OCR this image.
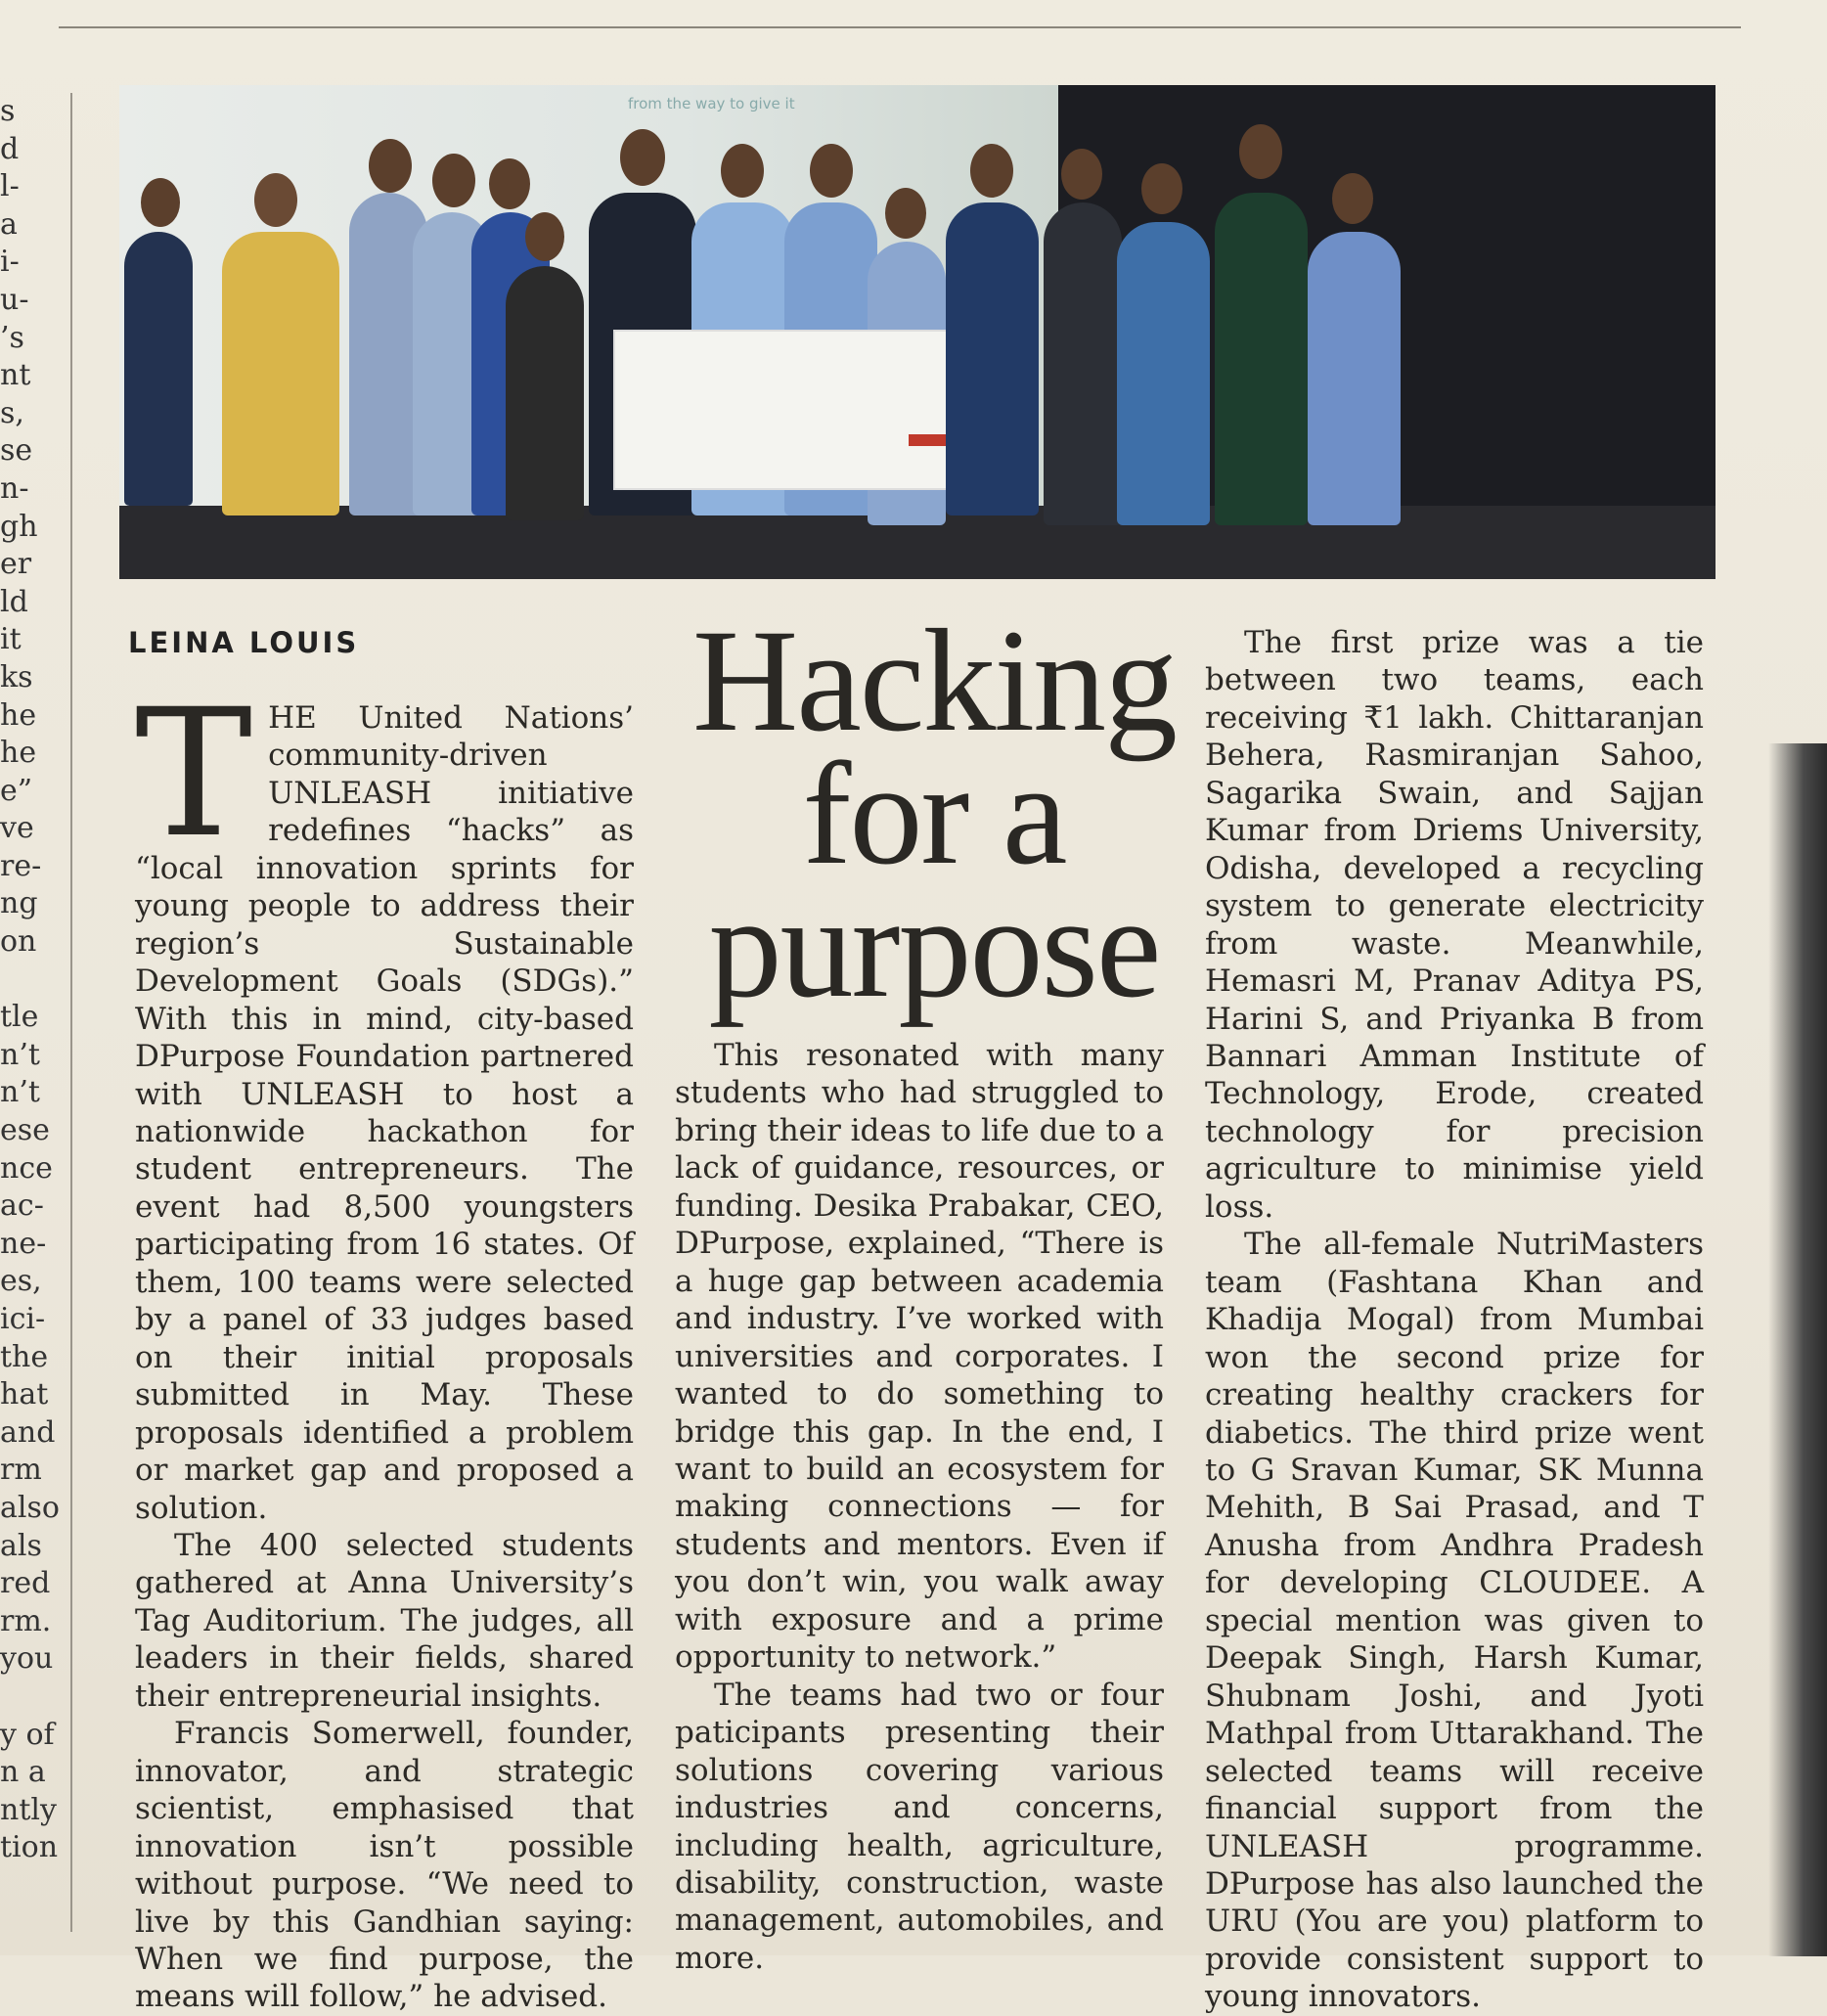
s
d
l-
a
i-
u-
’s
nt
s,
se
n-
gh
er
ld
it
ks
he
he
e”
ve
re-
ng
on
tle
n’t
n’t
ese
nce
ac-
ne-
es,
ici-
the
hat
and
rm
also
als
red
rm.
you
y of
n a
ntly
tion
from the way to give it
LEINA LOUIS

THE United Nations’ community-driven UNLEASH initiative redefines “hacks” as “local innovation sprints for young people to address their region’s Sustainable Development Goals (SDGs).” With this in mind, city-based DPurpose Foundation partnered with UNLEASH to host a nationwide hackathon for student entrepreneurs. The event had 8,500 youngsters participating from 16 states. Of them, 100 teams were selected by a panel of 33 judges based on their initial proposals submitted in May. These proposals identified a problem or market gap and proposed a solution.

The 400 selected students gathered at Anna University’s Tag Auditorium. The judges, all leaders in their fields, shared their entrepreneurial insights.

Francis Somerwell, founder, innovator, and strategic scientist, emphasised that innovation isn’t possible without purpose. “We need to live by this Gandhian saying: When we find purpose, the means will follow,” he advised.

Hacking
for a
purpose

This resonated with many students who had struggled to bring their ideas to life due to a lack of guidance, resources, or funding. Desika Prabakar, CEO, DPurpose, explained, “There is a huge gap between academia and industry. I’ve worked with universities and corporates. I wanted to do something to bridge this gap. In the end, I want to build an ecosystem for making connections — for students and mentors. Even if you don’t win, you walk away with exposure and a prime opportunity to network.”

The teams had two or four paticipants presenting their solutions covering various industries and concerns, including health, agriculture, disability, construction, waste management, automobiles, and more.

The first prize was a tie between two teams, each receiving ₹1 lakh. Chittaranjan Behera, Rasmiranjan Sahoo, Sagarika Swain, and Sajjan Kumar from Driems University, Odisha, developed a recycling system to generate electricity from waste. Meanwhile, Hemasri M, Pranav Aditya PS, Harini S, and Priyanka B from Bannari Amman Institute of Technology, Erode, created technology for precision agriculture to minimise yield loss.

The all-female NutriMasters team (Fashtana Khan and Khadija Mogal) from Mumbai won the second prize for creating healthy crackers for diabetics. The third prize went to G Sravan Kumar, SK Munna Mehith, B Sai Prasad, and T Anusha from Andhra Pradesh for developing CLOUDEE. A special mention was given to Deepak Singh, Harsh Kumar, Shubnam Joshi, and Jyoti Mathpal from Uttarakhand. The selected teams will receive financial support from the UNLEASH programme. DPurpose has also launched the URU (You are you) platform to provide consistent support to young innovators.
